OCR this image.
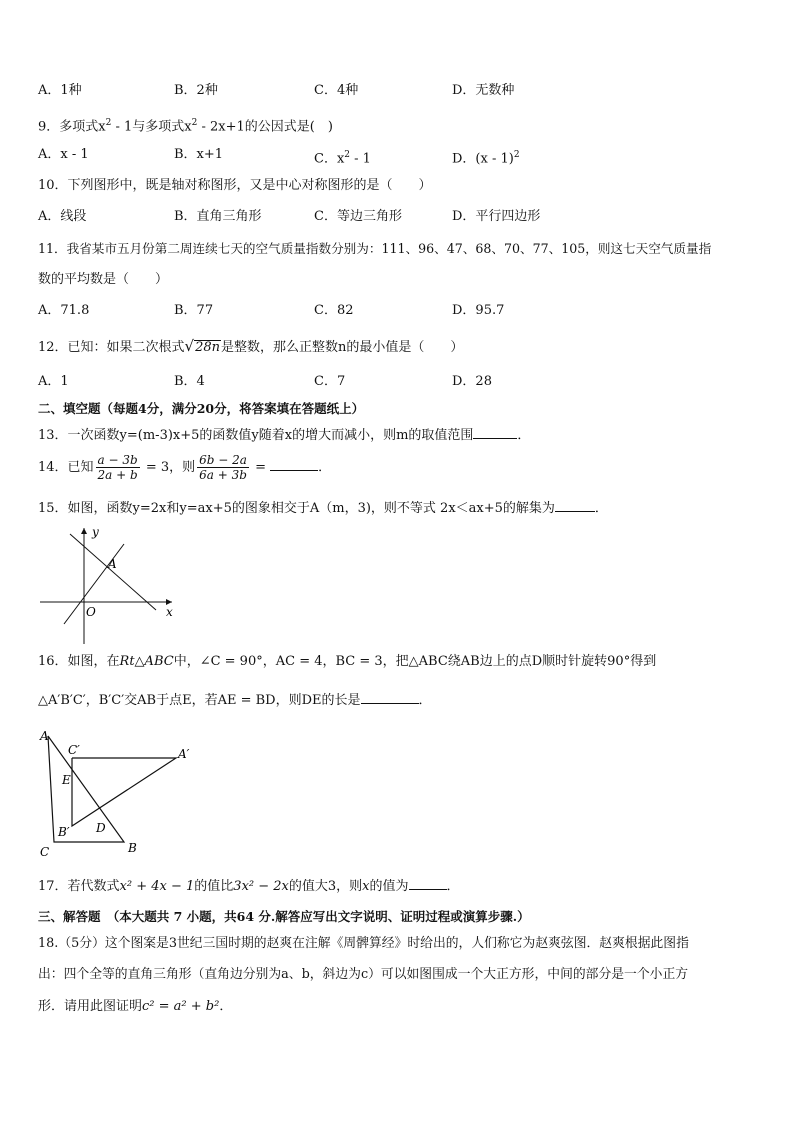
A．1种	B．2种	C．4种	D．无数种
9．多项式$x^2 - 1$与多项式$x^2 - 2x+1$的公因式是(　)
A．x - 1	B．x+1	C．$x^2 - 1$	D．(x - 1)$^2$
10．下列图形中，既是轴对称图形，又是中心对称图形的是（　　）
A．线段	B．直角三角形	C．等边三角形	D．平行四边形
11．我省某市五月份第二周连续七天的空气质量指数分别为：111、96、47、68、70、77、105，则这七天空气质量指
数的平均数是（　　）
A．71.8	B．77	C．82	D．95.7
12．已知：如果二次根式√28n是整数，那么正整数n的最小值是（　　）
A．1	B．4	C．7	D．28
二、填空题（每题4分，满分20分，将答案填在答题纸上）
13．一次函数y=(m-3)x+5的函数值y随着x的增大而减小，则m的取值范围	．
14．已知 $\frac{a - 3b}{2a + b} = 3$，则 $\frac{6b - 2a}{6a + 3b}$ =	．
15．如图，函数y=2x和y=ax+5的图象相交于A（m，3)，则不等式 2x＜ax+5的解集为	．
y
x
A
O
16．如图，在Rt△ABC中，∠C = 90°，AC = 4，BC = 3，把△ABC绕AB边上的点D顺时针旋转90°得到
△A′B′C′，B′C′交AB于点E，若AE = BD，则DE的长是	．
A
C′	A′
E
B′ D
C	B
17．若代数式x² + 4x − 1的值比3x² − 2x的值大3，则x的值为	．
三、解答题　（本大题共 7 小题，共64 分.解答应写出文字说明、证明过程或演算步骤.）
18.（5分）这个图案是3世纪三国时期的赵爽在注解《周髀算经》时给出的，人们称它为赵爽弦图．赵爽根据此图指
出：四个全等的直角三角形（直角边分别为a、b，斜边为c）可以如图围成一个大正方形，中间的部分是一个小正方
形．请用此图证明c² = a² + b²．
